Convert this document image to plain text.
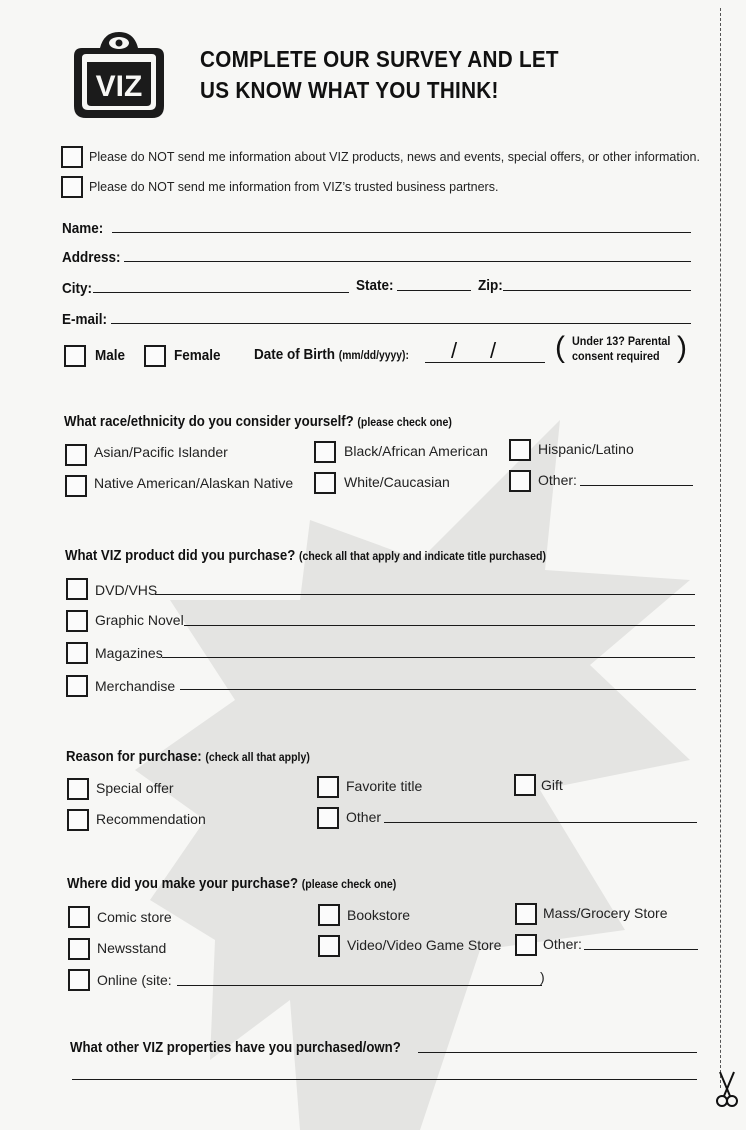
VIZ
COMPLETE OUR SURVEY AND LET
US KNOW WHAT YOU THINK!
Please do NOT send me information about VIZ products, news and events, special offers, or other information.
Please do NOT send me information from VIZ’s trusted business partners.
Name:
Address:
City:	State:	Zip:
E-mail:
Male	Female Date of Birth (mm/dd/yyyy): / / ( Under 13? Parental
consent required )
What race/ethnicity do you consider yourself? (please check one)
Asian/Pacific Islander	Black/African American	Hispanic/Latino
Native American/Alaskan Native	White/Caucasian	Other:
What VIZ product did you purchase? (check all that apply and indicate title purchased)
DVD/VHS
Graphic Novel
Magazines
Merchandise
Reason for purchase: (check all that apply)
Special offer	Favorite title	Gift
Recommendation	Other
Where did you make your purchase? (please check one)
Comic store	Bookstore	Mass/Grocery Store
Newsstand	Video/Video Game Store	Other:
Online (site:	)
What other VIZ properties have you purchased/own?
